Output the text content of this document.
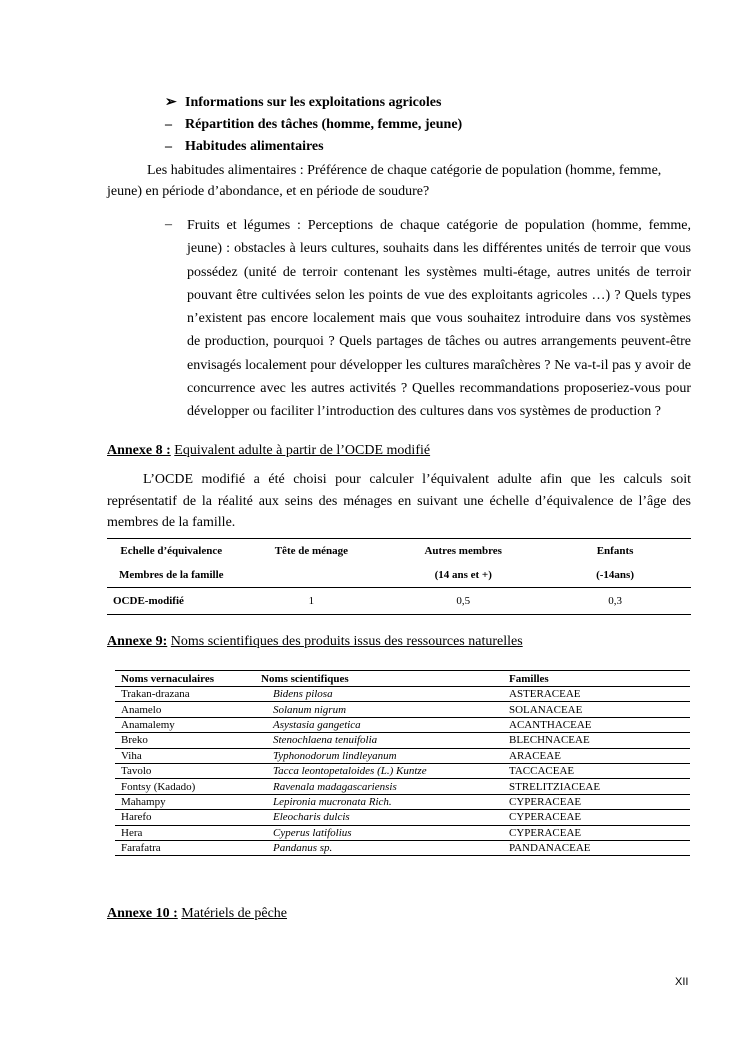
➢ Informations sur les exploitations agricoles
– Répartition des tâches (homme, femme, jeune)
– Habitudes alimentaires
Les habitudes alimentaires : Préférence de chaque catégorie de population (homme, femme, jeune) en période d’abondance, et en période de soudure?
– Fruits et légumes : Perceptions de chaque catégorie de population (homme, femme, jeune) : obstacles à leurs cultures, souhaits dans les différentes unités de terroir que vous possédez (unité de terroir contenant les systèmes multi-étage, autres unités de terroir pouvant être cultivées selon les points de vue des exploitants agricoles …) ? Quels types n’existent pas encore localement mais que vous souhaitez introduire dans vos systèmes de production, pourquoi ? Quels partages de tâches ou autres arrangements peuvent-être envisagés localement pour développer les cultures maraîchères ? Ne va-t-il pas y avoir de concurrence avec les autres activités ? Quelles recommandations proposeriez-vous pour développer ou faciliter l’introduction des cultures dans vos systèmes de production ?
Annexe 8 : Equivalent adulte à partir de l’OCDE modifié
L’OCDE modifié a été choisi pour calculer l’équivalent adulte afin que les calculs soit représentatif de la réalité aux seins des ménages en suivant une échelle d’équivalence de l’âge des membres de la famille.
Echelle d’équivalence	Tête de ménage	Autres membres	Enfants
Membres de la famille		(14 ans et +)	(-14ans)
OCDE-modifié	1	0,5	0,3
Annexe 9: Noms scientifiques des produits issus des ressources naturelles
Noms vernaculaires	Noms scientifiques	Familles
Trakan-drazana	Bidens pilosa	ASTERACEAE
Anamelo	Solanum nigrum	SOLANACEAE
Anamalemy	Asystasia gangetica	ACANTHACEAE
Breko	Stenochlaena tenuifolia	BLECHNACEAE
Viha	Typhonodorum lindleyanum	ARACEAE
Tavolo	Tacca leontopetaloides (L.) Kuntze	TACCACEAE
Fontsy (Kadado)	Ravenala madagascariensis	STRELITZIACEAE
Mahampy	Lepironia mucronata Rich.	CYPERACEAE
Harefo	Eleocharis dulcis	CYPERACEAE
Hera	Cyperus latifolius	CYPERACEAE
Farafatra	Pandanus sp.	PANDANACEAE
Annexe 10 : Matériels de pêche
XII
